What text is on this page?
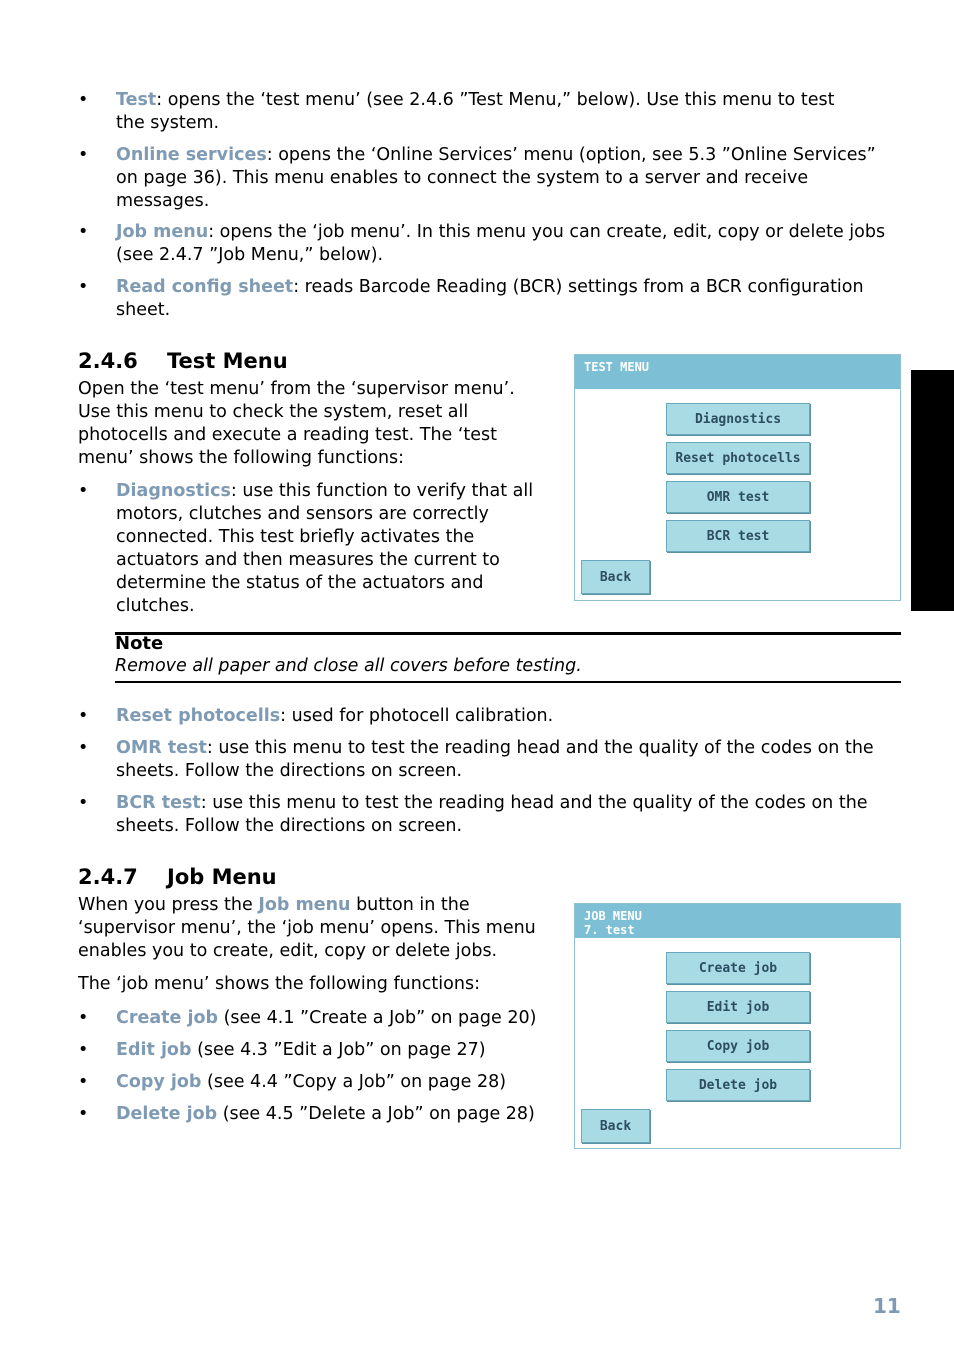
• Test: opens the ‘test menu’ (see 2.4.6 ”Test Menu,” below). Use this menu to test the system.
• Online services: opens the ‘Online Services’ menu (option, see 5.3 ”Online Services” on page 36). This menu enables to connect the system to a server and receive messages.
• Job menu: opens the ‘job menu’. In this menu you can create, edit, copy or delete jobs (see 2.4.7 ”Job Menu,” below).
• Read config sheet: reads Barcode Reading (BCR) settings from a BCR configuration sheet.
2.4.6 Test Menu
Open the ‘test menu’ from the ‘supervisor menu’. Use this menu to check the system, reset all photocells and execute a reading test. The ‘test menu’ shows the following functions:
• Diagnostics: use this function to verify that all motors, clutches and sensors are correctly connected. This test briefly activates the actuators and then measures the current to determine the status of the actuators and clutches.
TEST MENU
Diagnostics
Reset photocells
OMR test
BCR test
Back
Note
Remove all paper and close all covers before testing.
• Reset photocells: used for photocell calibration.
• OMR test: use this menu to test the reading head and the quality of the codes on the sheets. Follow the directions on screen.
• BCR test: use this menu to test the reading head and the quality of the codes on the sheets. Follow the directions on screen.
2.4.7 Job Menu
When you press the Job menu button in the ‘supervisor menu’, the ‘job menu’ opens. This menu enables you to create, edit, copy or delete jobs.
The ‘job menu’ shows the following functions:
• Create job (see 4.1 ”Create a Job” on page 20)
• Edit job (see 4.3 ”Edit a Job” on page 27)
• Copy job (see 4.4 ”Copy a Job” on page 28)
• Delete job (see 4.5 ”Delete a Job” on page 28)
JOB MENU
7. test
Create job
Edit job
Copy job
Delete job
Back
11
